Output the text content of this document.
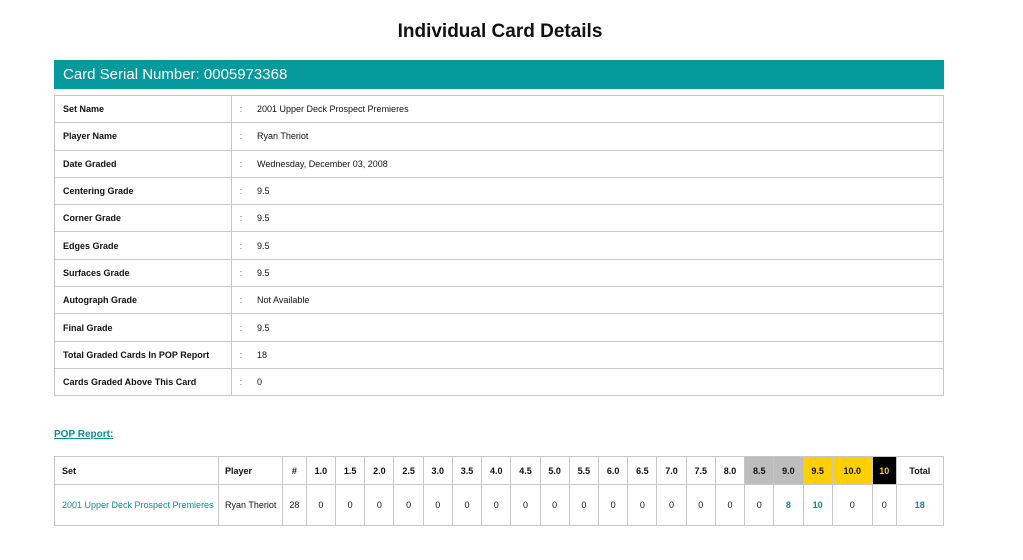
Individual Card Details
Card Serial Number: 0005973368
Set Name	:	2001 Upper Deck Prospect Premieres
Player Name	:	Ryan Theriot
Date Graded	:	Wednesday, December 03, 2008
Centering Grade	:	9.5
Corner Grade	:	9.5
Edges Grade	:	9.5
Surfaces Grade	:	9.5
Autograph Grade	:	Not Available
Final Grade	:	9.5
Total Graded Cards In POP Report	:	18
Cards Graded Above This Card	:	0
POP Report:
Set	Player	#	1.0	1.5	2.0	2.5	3.0	3.5	4.0	4.5	5.0	5.5	6.0	6.5	7.0	7.5	8.0	8.5	9.0	9.5	10.0	10	Total
2001 Upper Deck Prospect Premieres	Ryan Theriot	28	0	0	0	0	0	0	0	0	0	0	0	0	0	0	0	0	8	10	0	0	18
